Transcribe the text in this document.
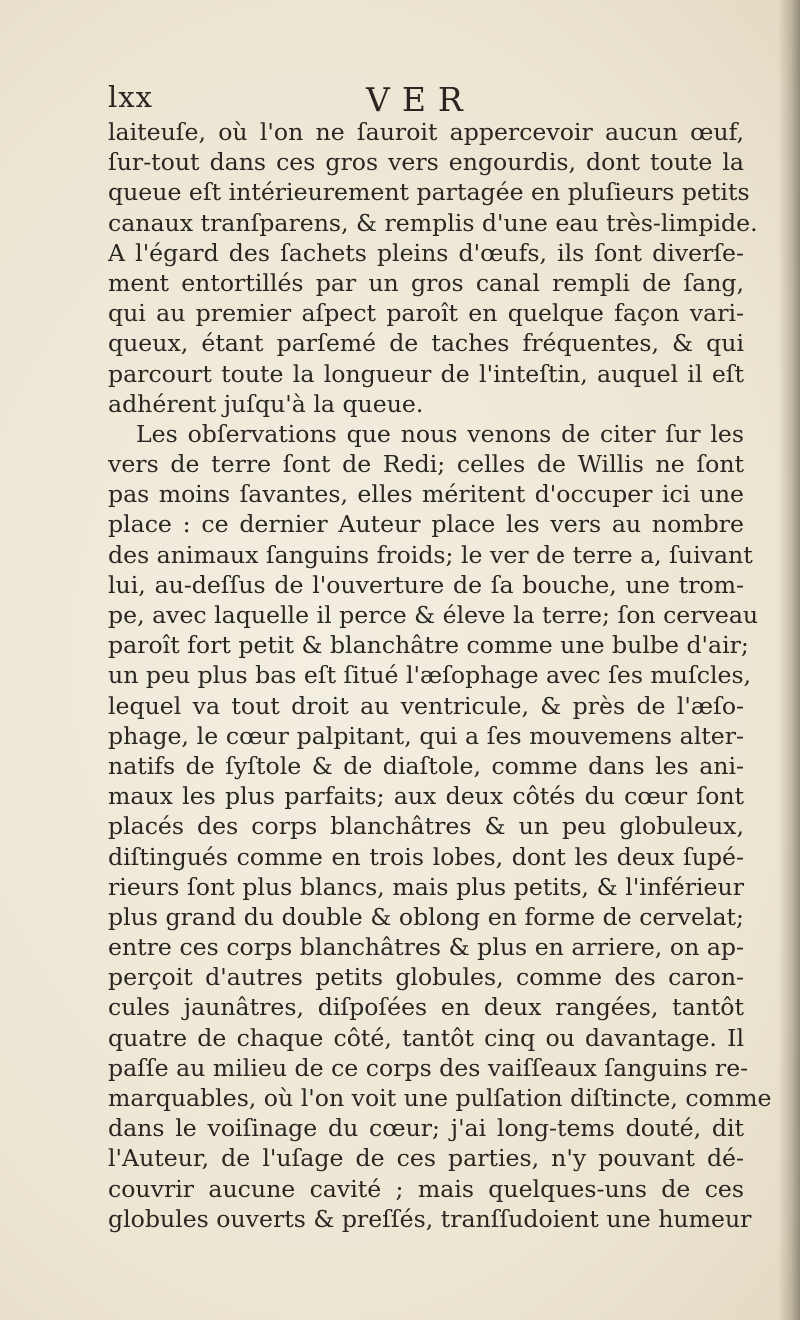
lxx	VER
laiteuſe, où l'on ne ſauroit appercevoir aucun œuf,
ſur-tout dans ces gros vers engourdis, dont toute la
queue eſt intérieurement partagée en pluſieurs petits
canaux tranſparens, & remplis d'une eau très-limpide.
A l'égard des ſachets pleins d'œufs, ils ſont diverſe-
ment entortillés par un gros canal rempli de ſang,
qui au premier aſpect paroît en quelque façon vari-
queux, étant parſemé de taches fréquentes, & qui
parcourt toute la longueur de l'inteſtin, auquel il eſt
adhérent juſqu'à la queue.
Les obſervations que nous venons de citer ſur les
vers de terre ſont de Redi; celles de Willis ne ſont
pas moins ſavantes, elles méritent d'occuper ici une
place : ce dernier Auteur place les vers au nombre
des animaux ſanguins froids; le ver de terre a, ſuivant
lui, au-deſſus de l'ouverture de ſa bouche, une trom-
pe, avec laquelle il perce & éleve la terre; ſon cerveau
paroît fort petit & blanchâtre comme une bulbe d'air;
un peu plus bas eſt ſitué l'æſophage avec ſes muſcles,
lequel va tout droit au ventricule, & près de l'æſo-
phage, le cœur palpitant, qui a ſes mouvemens alter-
natifs de ſyſtole & de diaſtole, comme dans les ani-
maux les plus parfaits; aux deux côtés du cœur ſont
placés des corps blanchâtres & un peu globuleux,
diſtingués comme en trois lobes, dont les deux ſupé-
rieurs ſont plus blancs, mais plus petits, & l'inférieur
plus grand du double & oblong en forme de cervelat;
entre ces corps blanchâtres & plus en arriere, on ap-
perçoit d'autres petits globules, comme des caron-
cules jaunâtres, diſpoſées en deux rangées, tantôt
quatre de chaque côté, tantôt cinq ou davantage. Il
paſſe au milieu de ce corps des vaiſſeaux ſanguins re-
marquables, où l'on voit une pulſation diſtincte, comme
dans le voiſinage du cœur; j'ai long-tems douté, dit
l'Auteur, de l'uſage de ces parties, n'y pouvant dé-
couvrir aucune cavité ; mais quelques-uns de ces
globules ouverts & preſſés, tranſſudoient une humeur
